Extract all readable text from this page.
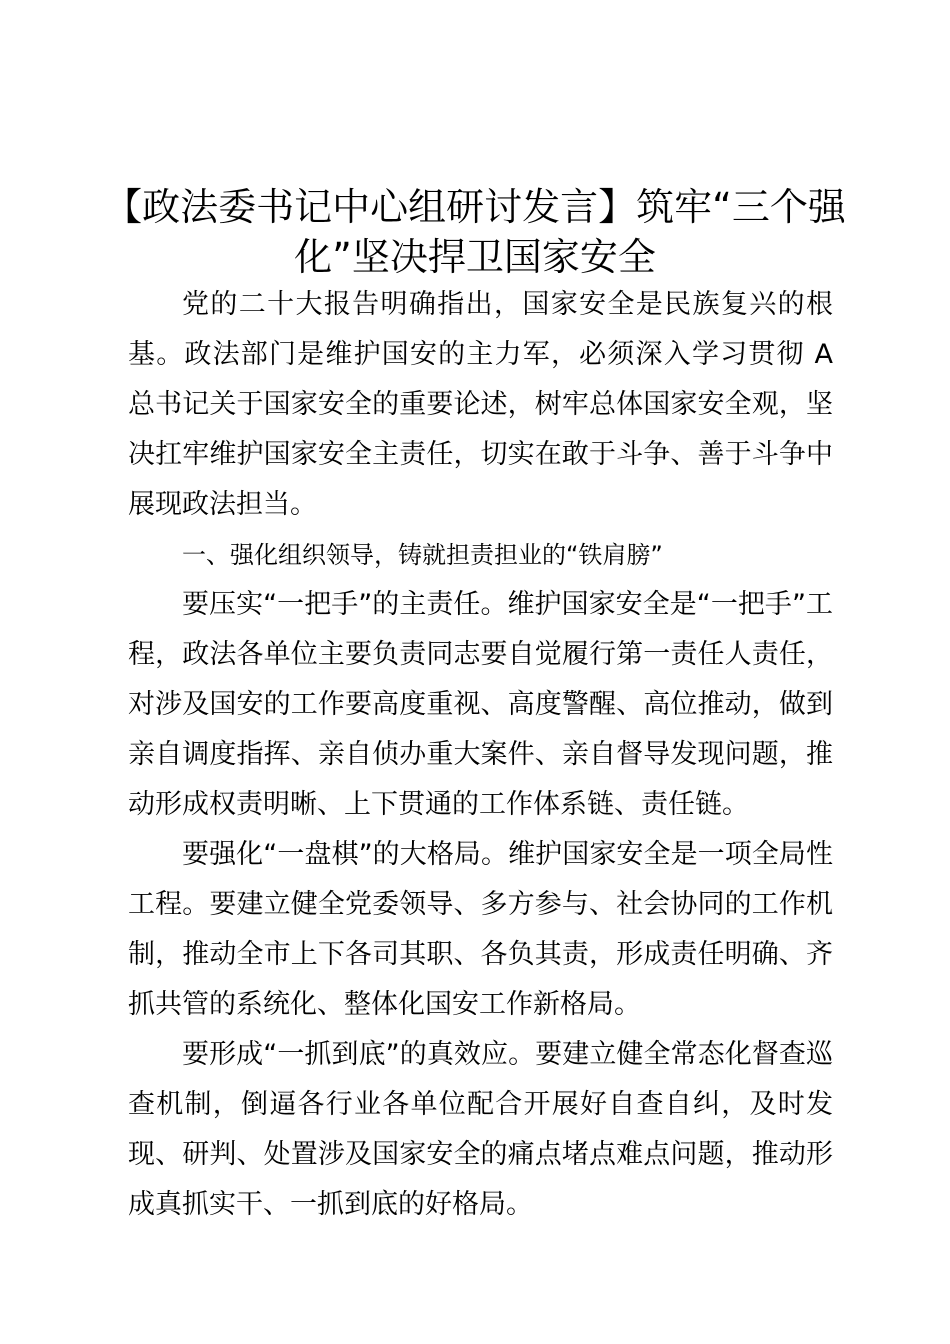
【政法委书记中心组研讨发言】筑牢“三个强
化”坚决捍卫国家安全

党的二十大报告明确指出，国家安全是民族复兴的根基。政法部门是维护国安的主力军，必须深入学习贯彻 A 总书记关于国家安全的重要论述，树牢总体国家安全观，坚决扛牢维护国家安全主责任，切实在敢于斗争、善于斗争中展现政法担当。

一、强化组织领导，铸就担责担业的“铁肩膀”

要压实“一把手”的主责任。维护国家安全是“一把手”工程，政法各单位主要负责同志要自觉履行第一责任人责任，对涉及国安的工作要高度重视、高度警醒、高位推动，做到亲自调度指挥、亲自侦办重大案件、亲自督导发现问题，推动形成权责明晰、上下贯通的工作体系链、责任链。

要强化“一盘棋”的大格局。维护国家安全是一项全局性工程。要建立健全党委领导、多方参与、社会协同的工作机制，推动全市上下各司其职、各负其责，形成责任明确、齐抓共管的系统化、整体化国安工作新格局。

要形成“一抓到底”的真效应。要建立健全常态化督查巡查机制，倒逼各行业各单位配合开展好自查自纠，及时发现、研判、处置涉及国家安全的痛点堵点难点问题，推动形成真抓实干、一抓到底的好格局。
